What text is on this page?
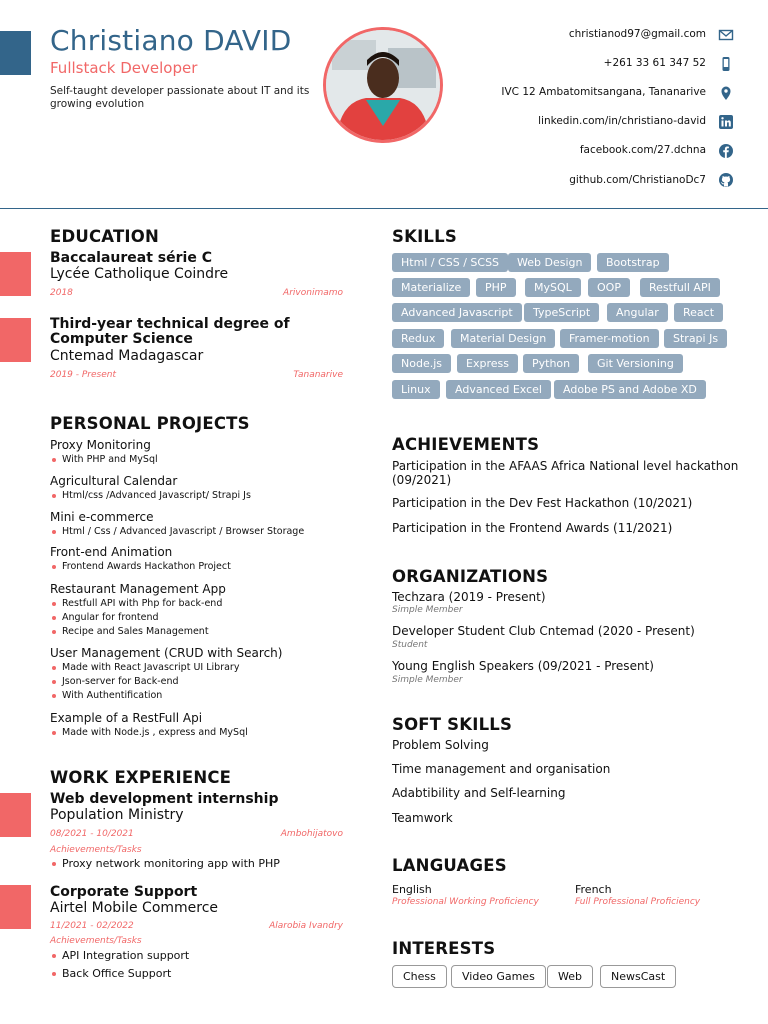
Christiano DAVID
Fullstack Developer
Self-taught developer passionate about IT and its growing evolution
christianod97@gmail.com
+261 33 61 347 52
IVC 12 Ambatomitsangana, Tananarive
linkedin.com/in/christiano-david
facebook.com/27.dchna
github.com/ChristianoDc7
EDUCATION
Baccalaureat série C
Lycée Catholique Coindre
2018	Arivonimamo
Third-year technical degree of Computer Science
Cntemad Madagascar
2019 - Present	Tananarive
PERSONAL PROJECTS
Proxy Monitoring
With PHP and MySql
Agricultural Calendar
Html/css /Advanced Javascript/ Strapi Js
Mini e-commerce
Html / Css / Advanced Javascript / Browser Storage
Front-end Animation
Frontend Awards Hackathon Project
Restaurant Management App
Restfull API with Php for back-end
Angular for frontend
Recipe and Sales Management
User Management (CRUD with Search)
Made with React Javascript UI Library
Json-server for Back-end
With Authentification
Example of a RestFull Api
Made with Node.js , express and MySql
WORK EXPERIENCE
Web development internship
Population Ministry
08/2021 - 10/2021	Ambohijatovo
Achievements/Tasks
Proxy network monitoring app with PHP
Corporate Support
Airtel Mobile Commerce
11/2021 - 02/2022	Alarobia Ivandry
Achievements/Tasks
API Integration support
Back Office Support
SKILLS
Html / CSS / SCSS	Web Design	Bootstrap
Materialize	PHP	MySQL	OOP	Restfull API
Advanced Javascript	TypeScript	Angular	React
Redux	Material Design	Framer-motion	Strapi Js
Node.js	Express	Python	Git Versioning
Linux	Advanced Excel	Adobe PS and Adobe XD
ACHIEVEMENTS
Participation in the AFAAS Africa National level hackathon (09/2021)
Participation in the Dev Fest Hackathon (10/2021)
Participation in the Frontend Awards (11/2021)
ORGANIZATIONS
Techzara (2019 - Present)
Simple Member
Developer Student Club Cntemad (2020 - Present)
Student
Young English Speakers (09/2021 - Present)
Simple Member
SOFT SKILLS
Problem Solving
Time management and organisation
Adabtibility and Self-learning
Teamwork
LANGUAGES
English
Professional Working Proficiency
French
Full Professional Proficiency
INTERESTS
Chess	Video Games	Web	NewsCast
